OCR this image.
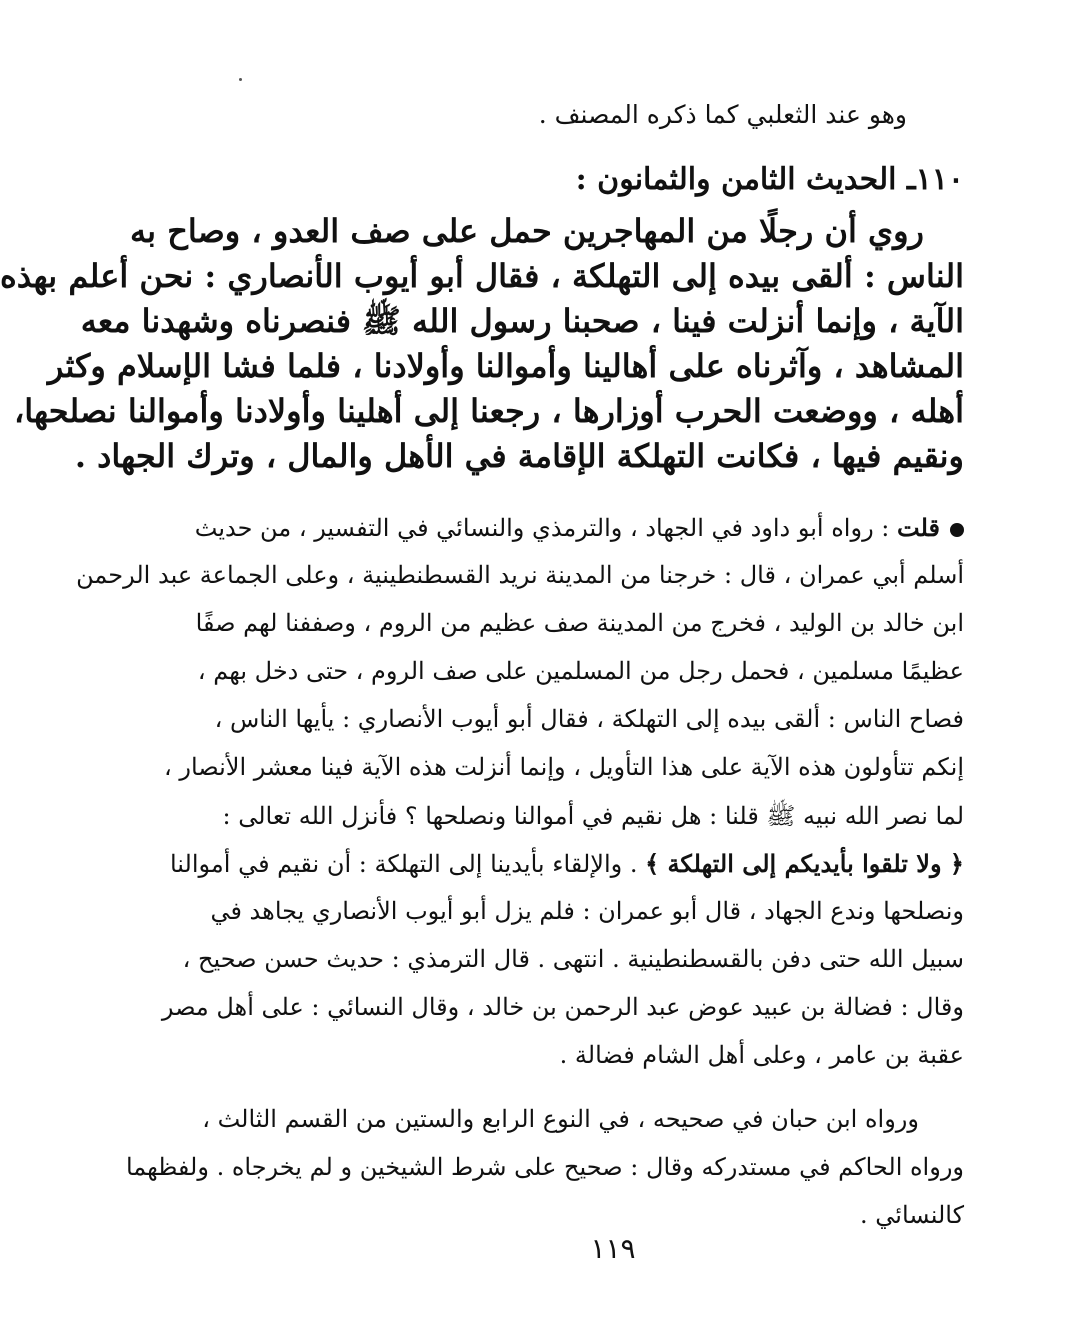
وهو عند الثعلبي كما ذكره المصنف .
١١٠ـ الحديث الثامن والثمانون :
روي أن رجلًا من المهاجرين حمل على صف العدو ، وصاح به
الناس : ألقى بيده إلى التهلكة ، فقال أبو أيوب الأنصاري : نحن أعلم بهذه
الآية ، وإنما أنزلت فينا ، صحبنا رسول الله ﷺ فنصرناه وشهدنا معه
المشاهد ، وآثرناه على أهالينا وأموالنا وأولادنا ، فلما فشا الإسلام وكثر
أهله ، ووضعت الحرب أوزارها ، رجعنا إلى أهلينا وأولادنا وأموالنا نصلحها،
ونقيم فيها ، فكانت التهلكة الإقامة في الأهل والمال ، وترك الجهاد .
قلت : رواه أبو داود في الجهاد ، والترمذي والنسائي في التفسير ، من حديث
أسلم أبي عمران ، قال : خرجنا من المدينة نريد القسطنطينية ، وعلى الجماعة عبد الرحمن
ابن خالد بن الوليد ، فخرج من المدينة صف عظيم من الروم ، وصففنا لهم صفًا
عظيمًا مسلمين ، فحمل رجل من المسلمين على صف الروم ، حتى دخل بهم ،
فصاح الناس : ألقى بيده إلى التهلكة ، فقال أبو أيوب الأنصاري : يأيها الناس ،
إنكم تتأولون هذه الآية على هذا التأويل ، وإنما أنزلت هذه الآية فينا معشر الأنصار ،
لما نصر الله نبيه ﷺ قلنا : هل نقيم في أموالنا ونصلحها ؟ فأنزل الله تعالى :
﴿ ولا تلقوا بأيديكم إلى التهلكة ﴾ . والإلقاء بأيدينا إلى التهلكة : أن نقيم في أموالنا
ونصلحها وندع الجهاد ، قال أبو عمران : فلم يزل أبو أيوب الأنصاري يجاهد في
سبيل الله حتى دفن بالقسطنطينية . انتهى . قال الترمذي : حديث حسن صحيح ،
وقال : فضالة بن عبيد عوض عبد الرحمن بن خالد ، وقال النسائي : على أهل مصر
عقبة بن عامر ، وعلى أهل الشام فضالة .
ورواه ابن حبان في صحيحه ، في النوع الرابع والستين من القسم الثالث ،
ورواه الحاكم في مستدركه وقال : صحيح على شرط الشيخين و لم يخرجاه . ولفظهما
كالنسائي .
١١٩
